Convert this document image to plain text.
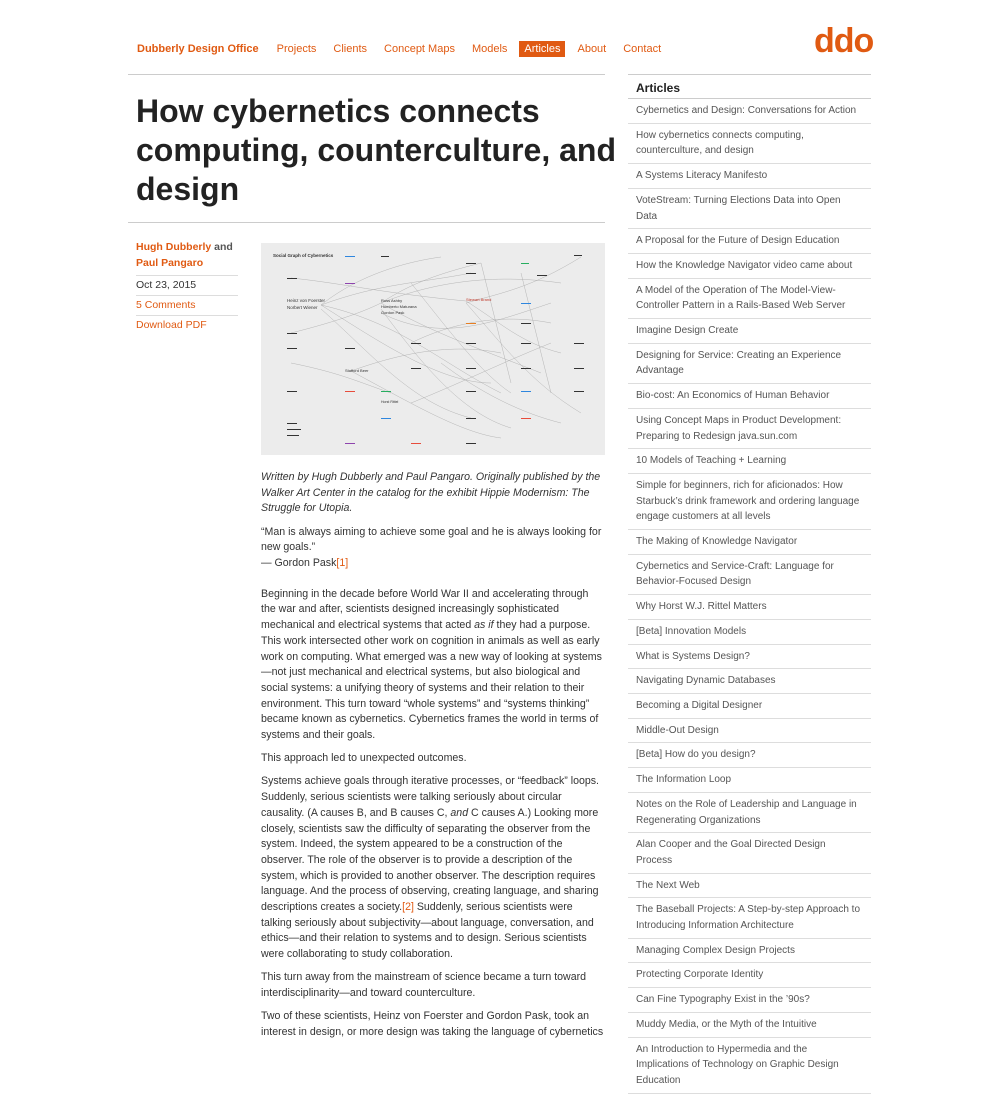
Dubberly Design Office Projects Clients Concept Maps Models	Articles	About Contact	ddo
How cybernetics connects computing, counterculture, and design
Hugh Dubberly and
Paul Pangaro
Oct 23, 2015
5 Comments
Download PDF
Social Graph of Cybernetics
Heinz von Foerster
Norbert Wiener
Ross Ashby
Humberto Maturana
Gordon Pask
Stewart Brand
Stafford Beer
Horst Rittel

Written by Hugh Dubberly and Paul Pangaro. Originally published by the Walker Art Center in the catalog for the exhibit Hippie Modernism: The Struggle for Utopia.

“Man is always aiming to achieve some goal and he is always looking for new goals.”
— Gordon Pask[1]

Beginning in the decade before World War II and accelerating through the war and after, scientists designed increasingly sophisticated mechanical and electrical systems that acted as if they had a purpose. This work intersected other work on cognition in animals as well as early work on computing. What emerged was a new way of looking at systems—not just mechanical and electrical systems, but also biological and social systems: a unifying theory of systems and their relation to their environment. This turn toward “whole systems” and “systems thinking” became known as cybernetics. Cybernetics frames the world in terms of systems and their goals.

This approach led to unexpected outcomes.

Systems achieve goals through iterative processes, or “feedback” loops. Suddenly, serious scientists were talking seriously about circular causality. (A causes B, and B causes C, and C causes A.) Looking more closely, scientists saw the difficulty of separating the observer from the system. Indeed, the system appeared to be a construction of the observer. The role of the observer is to provide a description of the system, which is provided to another observer. The description requires language. And the process of observing, creating language, and sharing descriptions creates a society.[2] Suddenly, serious scientists were talking seriously about subjectivity—about language, conversation, and ethics—and their relation to systems and to design. Serious scientists were collaborating to study collaboration.

This turn away from the mainstream of science became a turn toward interdisciplinarity—and toward counterculture.

Two of these scientists, Heinz von Foerster and Gordon Pask, took an interest in design, or more design was taking the language of cybernetics

Articles
Cybernetics and Design: Conversations for Action
How cybernetics connects computing, counterculture, and design
A Systems Literacy Manifesto
VoteStream: Turning Elections Data into Open Data
A Proposal for the Future of Design Education
How the Knowledge Navigator video came about
A Model of the Operation of The Model-View-Controller Pattern in a Rails-Based Web Server
Imagine Design Create
Designing for Service: Creating an Experience Advantage
Bio-cost: An Economics of Human Behavior
Using Concept Maps in Product Development: Preparing to Redesign java.sun.com
10 Models of Teaching + Learning
Simple for beginners, rich for aficionados: How Starbuck’s drink framework and ordering language engage customers at all levels
The Making of Knowledge Navigator
Cybernetics and Service-Craft: Language for Behavior-Focused Design
Why Horst W.J. Rittel Matters
[Beta] Innovation Models
What is Systems Design?
Navigating Dynamic Databases
Becoming a Digital Designer
Middle-Out Design
[Beta] How do you design?
The Information Loop
Notes on the Role of Leadership and Language in Regenerating Organizations
Alan Cooper and the Goal Directed Design Process
The Next Web
The Baseball Projects: A Step-by-step Approach to Introducing Information Architecture
Managing Complex Design Projects
Protecting Corporate Identity
Can Fine Typography Exist in the ’90s?
Muddy Media, or the Myth of the Intuitive
An Introduction to Hypermedia and the Implications of Technology on Graphic Design Education
